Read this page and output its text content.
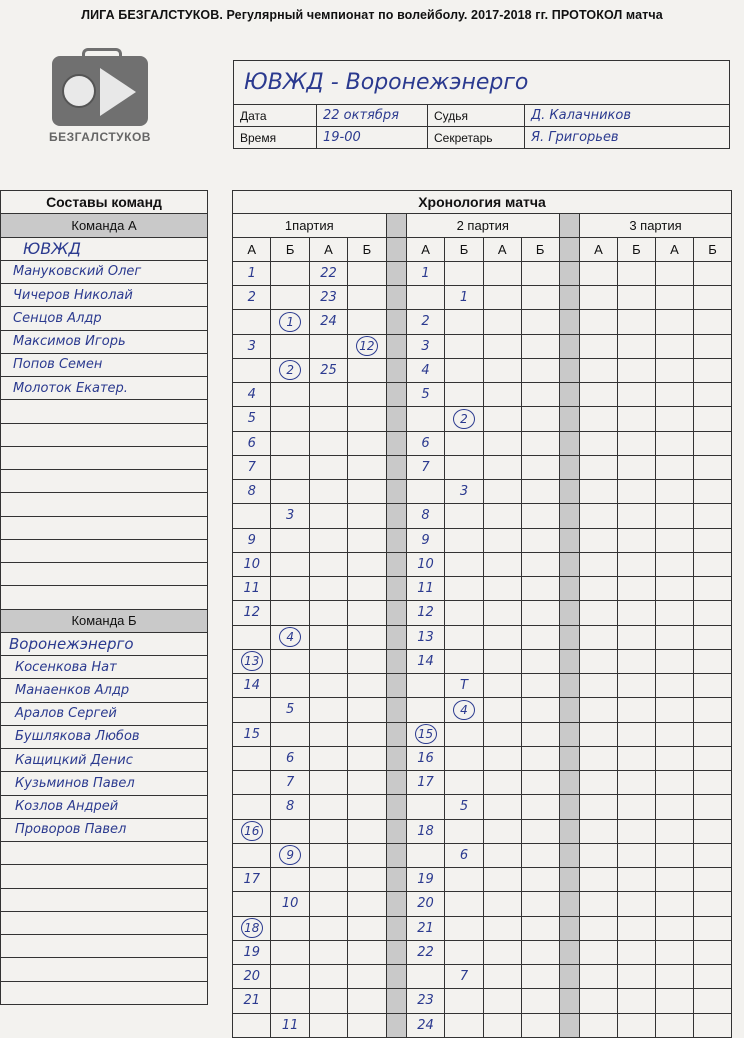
ЛИГА БЕЗГАЛСТУКОВ. Регулярный чемпионат по волейболу. 2017-2018 гг. ПРОТОКОЛ матча
БЕЗГАЛСТУКОВ
ЮВЖД - Воронежэнерго			
Дата	22 октября	Судья	Д. Калачников
Время	19-00	Секретарь	Я. Григорьев
Составы команд
Команда А
ЮВЖД
Мануковский Олег
Чичеров Николай
Сенцов Алдр
Максимов Игорь
Попов Семен
Молоток Екатер.

Команда Б
Воронежэнерго
Косенкова Нат
Манаенков Алдр
Аралов Сергей
Бушлякова Любов
Кащицкий Денис
Кузьминов Павел
Козлов Андрей
Проворов Павел

Хронология матча													
1партия					2 партия					3 партия			
А	Б	А	Б		А	Б	А	Б		А	Б	А	Б
1		22			1								
2		23				1							
	1	24			2								
3			12		3								
	2	25			4								
4					5								
5						2							
6					6								
7					7								
8						3							
	3				8								
9					9								
10					10								
11					11								
12					12								
	4				13								
13					14								
14						Т							
	5					4							
15					15								
	6				16								
	7				17								
	8					5							
16					18								
	9					6							
17					19								
	10				20								
18					21								
19					22								
20						7							
21					23								
	11				24								
